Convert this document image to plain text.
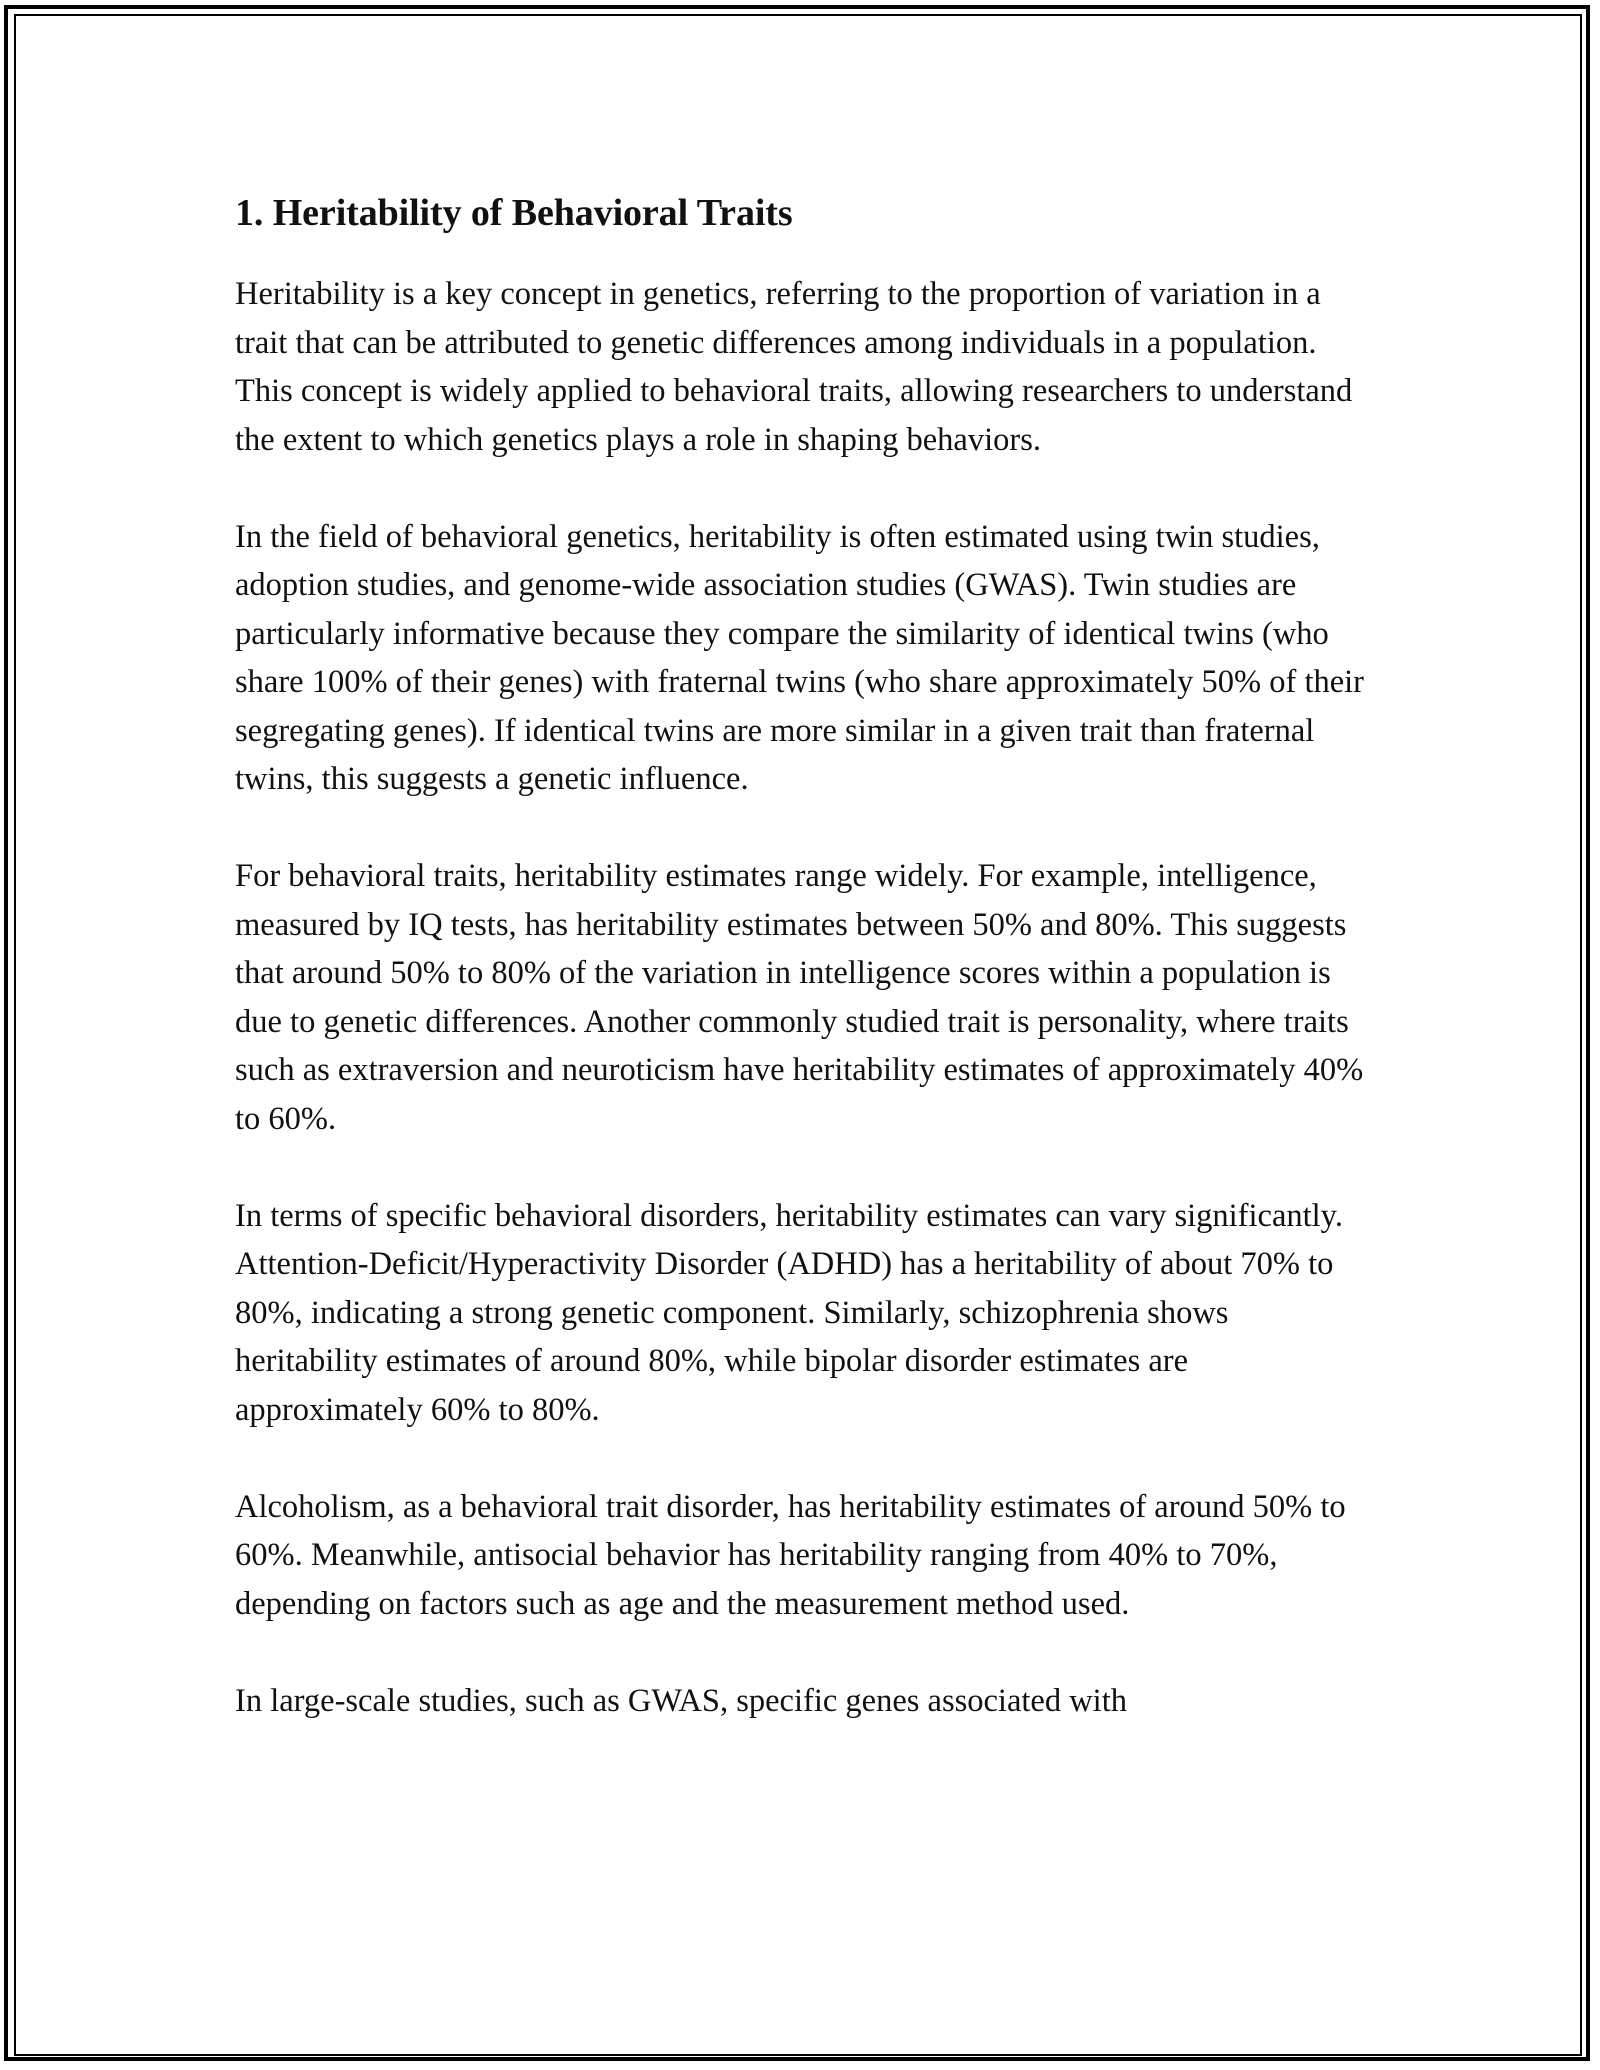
1. Heritability of Behavioral Traits

Heritability is a key concept in genetics, referring to the proportion of variation in a trait that can be attributed to genetic differences among individuals in a population. This concept is widely applied to behavioral traits, allowing researchers to understand the extent to which genetics plays a role in shaping behaviors.

In the field of behavioral genetics, heritability is often estimated using twin studies, adoption studies, and genome-wide association studies (GWAS). Twin studies are particularly informative because they compare the similarity of identical twins (who share 100% of their genes) with fraternal twins (who share approximately 50% of their segregating genes). If identical twins are more similar in a given trait than fraternal twins, this suggests a genetic influence.

For behavioral traits, heritability estimates range widely. For example, intelligence, measured by IQ tests, has heritability estimates between 50% and 80%. This suggests that around 50% to 80% of the variation in intelligence scores within a population is due to genetic differences. Another commonly studied trait is personality, where traits such as extraversion and neuroticism have heritability estimates of approximately 40% to 60%.

In terms of specific behavioral disorders, heritability estimates can vary significantly. Attention-Deficit/Hyperactivity Disorder (ADHD) has a heritability of about 70% to 80%, indicating a strong genetic component. Similarly, schizophrenia shows heritability estimates of around 80%, while bipolar disorder estimates are approximately 60% to 80%.

Alcoholism, as a behavioral trait disorder, has heritability estimates of around 50% to 60%. Meanwhile, antisocial behavior has heritability ranging from 40% to 70%, depending on factors such as age and the measurement method used.

In large-scale studies, such as GWAS, specific genes associated with
